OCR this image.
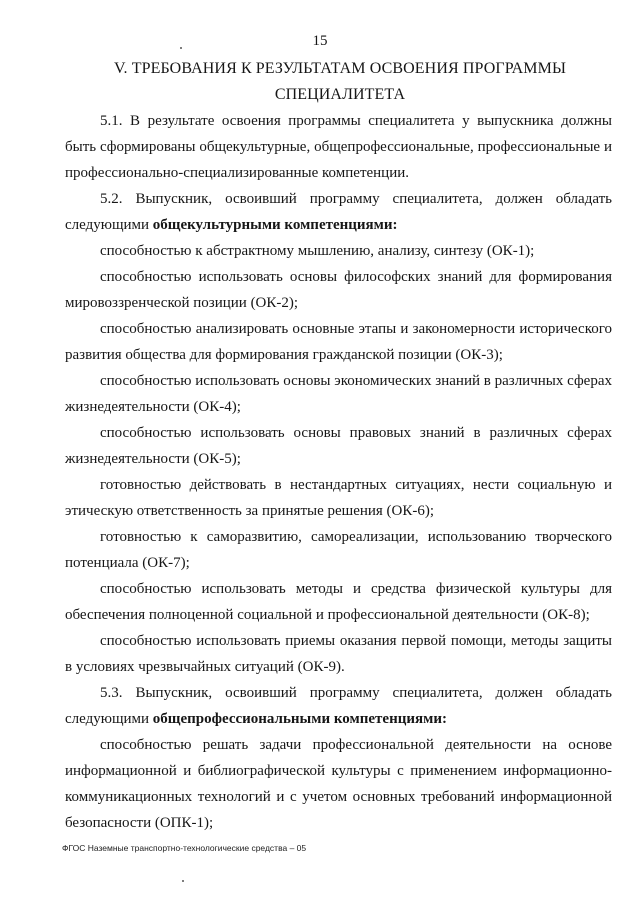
15
V. ТРЕБОВАНИЯ К РЕЗУЛЬТАТАМ ОСВОЕНИЯ ПРОГРАММЫ
СПЕЦИАЛИТЕТА

5.1. В результате освоения программы специалитета у выпускника должны быть сформированы общекультурные, общепрофессиональные, профессиональные и профессионально-специализированные компетенции.

5.2. Выпускник, освоивший программу специалитета, должен обладать следующими общекультурными компетенциями:

способностью к абстрактному мышлению, анализу, синтезу (ОК-1);

способностью использовать основы философских знаний для формирования мировоззренческой позиции (ОК-2);

способностью анализировать основные этапы и закономерности исторического развития общества для формирования гражданской позиции (ОК-3);

способностью использовать основы экономических знаний в различных сферах жизнедеятельности (ОК-4);

способностью использовать основы правовых знаний в различных сферах жизнедеятельности (ОК-5);

готовностью действовать в нестандартных ситуациях, нести социальную и этическую ответственность за принятые решения (ОК-6);

готовностью к саморазвитию, самореализации, использованию творческого потенциала (ОК-7);

способностью использовать методы и средства физической культуры для обеспечения полноценной социальной и профессиональной деятельности (ОК-8);

способностью использовать приемы оказания первой помощи, методы защиты в условиях чрезвычайных ситуаций (ОК-9).

5.3. Выпускник, освоивший программу специалитета, должен обладать следующими общепрофессиональными компетенциями:

способностью решать задачи профессиональной деятельности на основе информационной и библиографической культуры с применением информационно-коммуникационных технологий и с учетом основных требований информационной безопасности (ОПК-1);

ФГОС Наземные транспортно-технологические средства – 05
